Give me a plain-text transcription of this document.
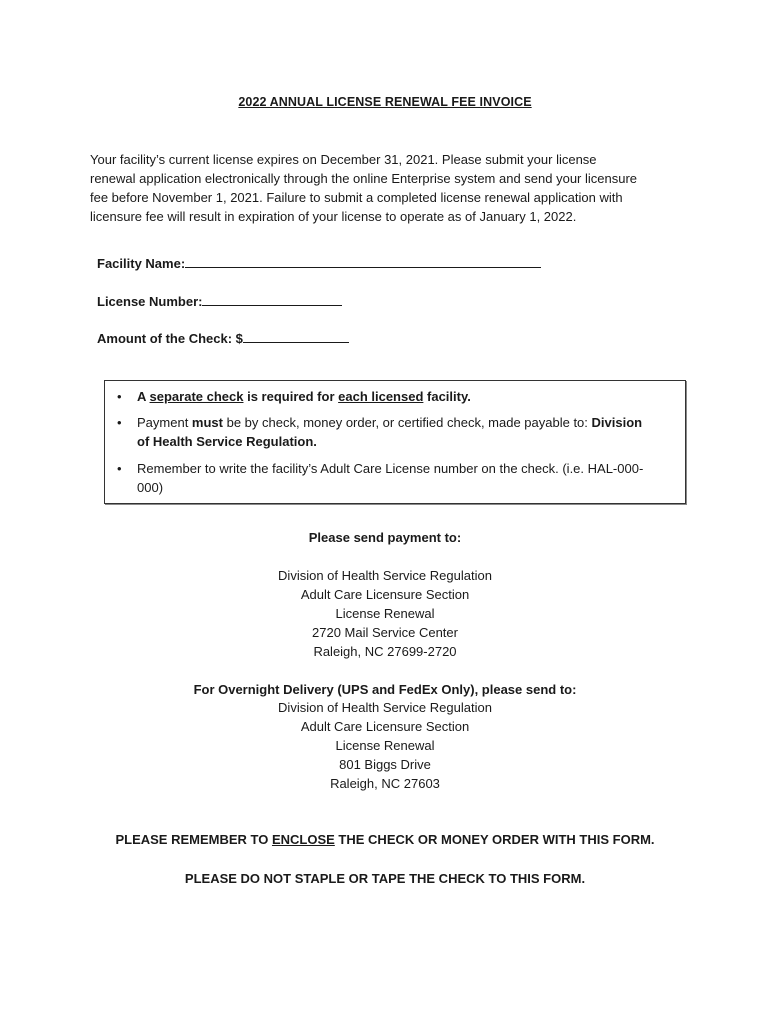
2022 ANNUAL LICENSE RENEWAL FEE INVOICE
Your facility’s current license expires on December 31, 2021. Please submit your license
renewal application electronically through the online Enterprise system and send your licensure
fee before November 1, 2021. Failure to submit a completed license renewal application with
licensure fee will result in expiration of your license to operate as of January 1, 2022.
Facility Name:
License Number:
Amount of the Check: $
• A separate check is required for each licensed facility.
• Payment must be by check, money order, or certified check, made payable to: Division
of Health Service Regulation.
• Remember to write the facility’s Adult Care License number on the check. (i.e. HAL-000-
000)
Please send payment to:
Division of Health Service Regulation
Adult Care Licensure Section
License Renewal
2720 Mail Service Center
Raleigh, NC 27699-2720
For Overnight Delivery (UPS and FedEx Only), please send to:
Division of Health Service Regulation
Adult Care Licensure Section
License Renewal
801 Biggs Drive
Raleigh, NC 27603
PLEASE REMEMBER TO ENCLOSE THE CHECK OR MONEY ORDER WITH THIS FORM.
PLEASE DO NOT STAPLE OR TAPE THE CHECK TO THIS FORM.
